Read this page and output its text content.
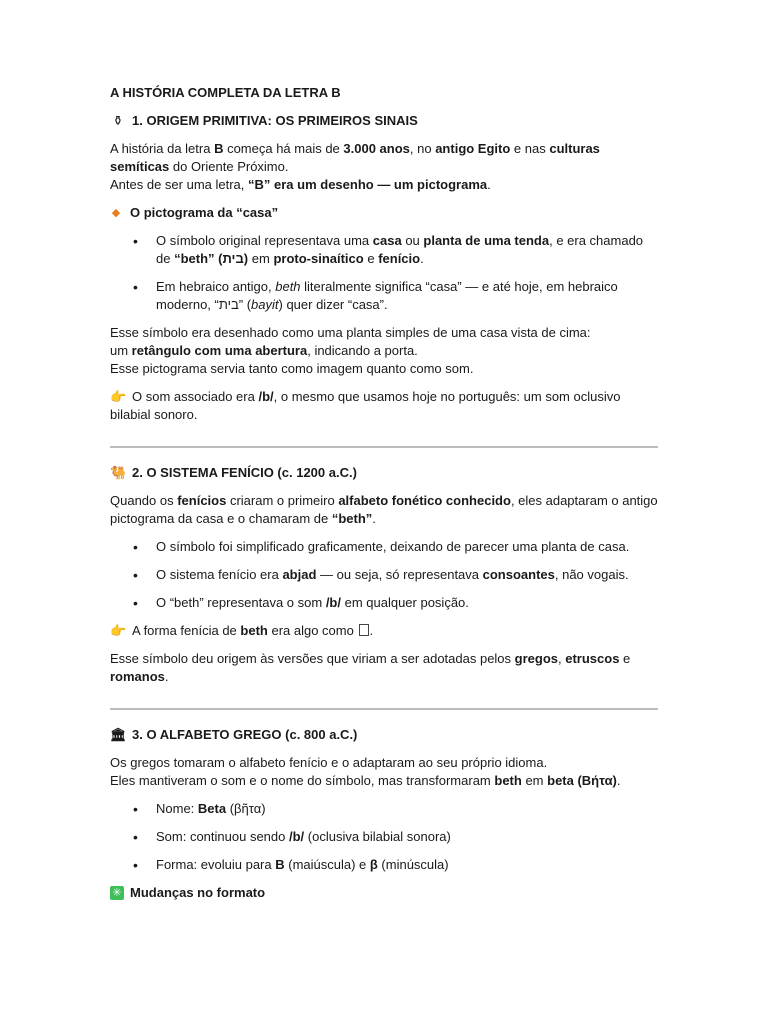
A HISTÓRIA COMPLETA DA LETRA B
⚱ 1. ORIGEM PRIMITIVA: OS PRIMEIROS SINAIS

A história da letra B começa há mais de 3.000 anos, no antigo Egito e nas culturas semíticas do Oriente Próximo.

Antes de ser uma letra, “B” era um desenho — um pictograma.

◆ O pictograma da “casa”
• O símbolo original representava uma casa ou planta de uma tenda, e era chamado de “beth” (בית) em proto-sinaítico e fenício.
• Em hebraico antigo, beth literalmente significa “casa” — e até hoje, em hebraico moderno, “בית” (bayit) quer dizer “casa”.

Esse símbolo era desenhado como uma planta simples de uma casa vista de cima:
um retângulo com uma abertura, indicando a porta.
Esse pictograma servia tanto como imagem quanto como som.

👉 O som associado era /b/, o mesmo que usamos hoje no português: um som oclusivo bilabial sonoro.

🐫 2. O SISTEMA FENÍCIO (c. 1200 a.C.)

Quando os fenícios criaram o primeiro alfabeto fonético conhecido, eles adaptaram o antigo pictograma da casa e o chamaram de “beth”.

• O símbolo foi simplificado graficamente, deixando de parecer uma planta de casa.
• O sistema fenício era abjad — ou seja, só representava consoantes, não vogais.
• O “beth” representava o som /b/ em qualquer posição.

👉 A forma fenícia de beth era algo como .

Esse símbolo deu origem às versões que viriam a ser adotadas pelos gregos, etruscos e romanos.

🏛 3. O ALFABETO GREGO (c. 800 a.C.)

Os gregos tomaram o alfabeto fenício e o adaptaram ao seu próprio idioma.
Eles mantiveram o som e o nome do símbolo, mas transformaram beth em beta (Βήτα).

• Nome: Beta (βῆτα)
• Som: continuou sendo /b/ (oclusiva bilabial sonora)
• Forma: evoluiu para Β (maiúscula) e β (minúscula)
✳ Mudanças no formato
